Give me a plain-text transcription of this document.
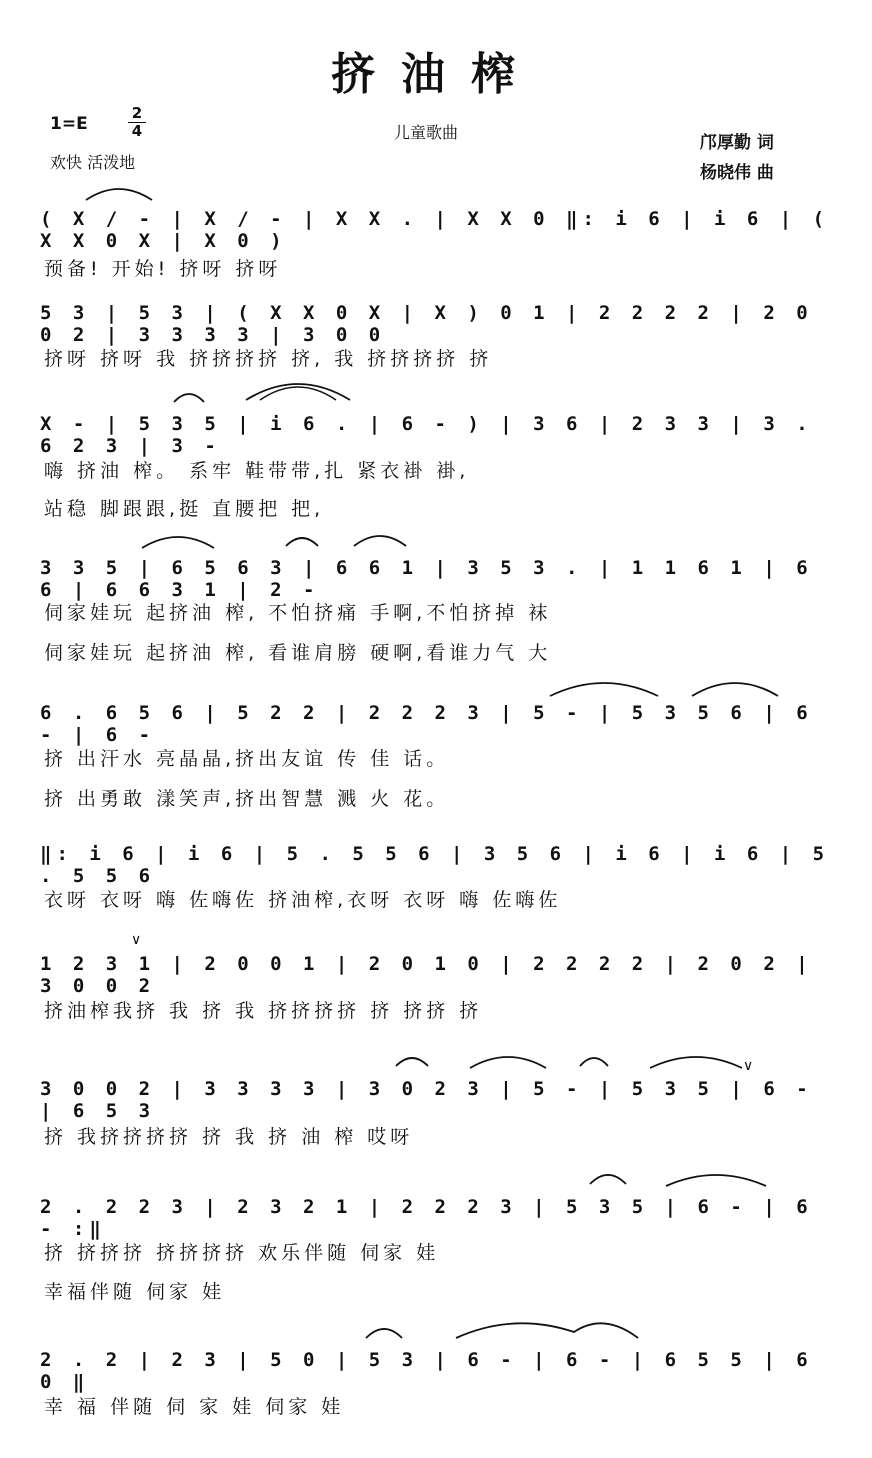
挤油榨
1=E
2
4
欢快 活泼地
儿童歌曲
邝厚勤 词
杨晓伟 曲
( X / - | X / - | X X . | X X 0 ‖: i 6 | i 6 | ( X X 0 X | X 0 )
预备! 开始! 挤呀 挤呀
5 3 | 5 3 | ( X X 0 X | X ) 0 1 | 2 2 2 2 | 2 0 0 2 | 3 3 3 3 | 3 0 0
挤呀 挤呀 我 挤挤挤挤 挤, 我 挤挤挤挤 挤
X - | 5 3 5 | i 6 . | 6 - ) | 3 6 | 2 3 3 | 3 . 6 2 3 | 3 -
嗨 挤油 榨。 系牢 鞋带带,扎 紧衣褂 褂,
站稳 脚跟跟,挺 直腰把 把,
3 3 5 | 6 5 6 3 | 6 6 1 | 3 5 3 . | 1 1 6 1 | 6 6 | 6 6 3 1 | 2 -
伺家娃玩 起挤油 榨, 不怕挤痛 手啊,不怕挤掉 袜
伺家娃玩 起挤油 榨, 看谁肩膀 硬啊,看谁力气 大
6 . 6 5 6 | 5 2 2 | 2 2 2 3 | 5 - | 5 3 5 6 | 6 - | 6 -
挤 出汗水 亮晶晶,挤出友谊 传 佳 话。
挤 出勇敢 漾笑声,挤出智慧 溅 火 花。
‖: i 6 | i 6 | 5 . 5 5 6 | 3 5 6 | i 6 | i 6 | 5 . 5 5 6
衣呀 衣呀 嗨 佐嗨佐 挤油榨,衣呀 衣呀 嗨 佐嗨佐
1 2 3 1 | 2 0 0 1 | 2 0 1 0 | 2 2 2 2 | 2 0 2 | 3 0 0 2
挤油榨我挤 我 挤 我 挤挤挤挤 挤 挤挤 挤
∨
3 0 0 2 | 3 3 3 3 | 3 0 2 3 | 5 - | 5 3 5 | 6 - | 6 5 3
挤 我挤挤挤挤 挤 我 挤 油 榨 哎呀
∨
2 . 2 2 3 | 2 3 2 1 | 2 2 2 3 | 5 3 5 | 6 - | 6 - :‖
挤 挤挤挤 挤挤挤挤 欢乐伴随 伺家 娃
幸福伴随 伺家 娃
2 . 2 | 2 3 | 5 0 | 5 3 | 6 - | 6 - | 6 5 5 | 6 0 ‖
幸 福 伴随 伺 家 娃 伺家 娃
